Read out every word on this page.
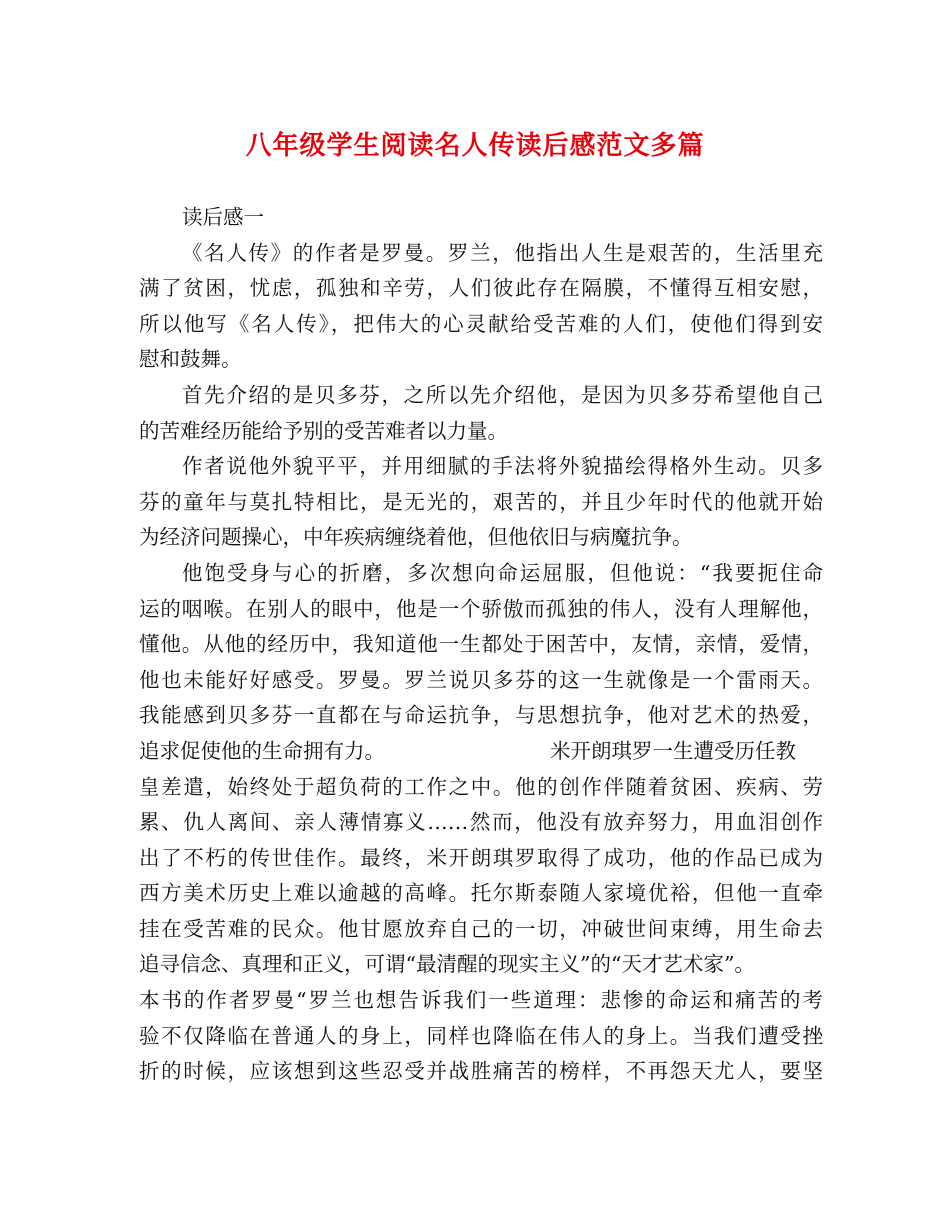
八年级学生阅读名人传读后感范文多篇
读后感一
《名人传》的作者是罗曼。罗兰，他指出人生是艰苦的，生活里充
满了贫困，忧虑，孤独和辛劳，人们彼此存在隔膜，不懂得互相安慰，
所以他写《名人传》，把伟大的心灵献给受苦难的人们，使他们得到安
慰和鼓舞。
首先介绍的是贝多芬，之所以先介绍他，是因为贝多芬希望他自己
的苦难经历能给予别的受苦难者以力量。
作者说他外貌平平，并用细腻的手法将外貌描绘得格外生动。贝多
芬的童年与莫扎特相比，是无光的，艰苦的，并且少年时代的他就开始
为经济问题操心，中年疾病缠绕着他，但他依旧与病魔抗争。
他饱受身与心的折磨，多次想向命运屈服，但他说：“我要扼住命
运的咽喉。在别人的眼中，他是一个骄傲而孤独的伟人，没有人理解他，
懂他。从他的经历中，我知道他一生都处于困苦中，友情，亲情，爱情，
他也未能好好感受。罗曼。罗兰说贝多芬的这一生就像是一个雷雨天。
我能感到贝多芬一直都在与命运抗争，与思想抗争，他对艺术的热爱，
追求促使他的生命拥有力。	米开朗琪罗一生遭受历任教
皇差遣，始终处于超负荷的工作之中。他的创作伴随着贫困、疾病、劳
累、仇人离间、亲人薄情寡义……然而，他没有放弃努力，用血泪创作
出了不朽的传世佳作。最终，米开朗琪罗取得了成功，他的作品已成为
西方美术历史上难以逾越的高峰。托尔斯泰随人家境优裕，但他一直牵
挂在受苦难的民众。他甘愿放弃自己的一切，冲破世间束缚，用生命去
追寻信念、真理和正义，可谓“最清醒的现实主义”的“天才艺术家”。
本书的作者罗曼“罗兰也想告诉我们一些道理：悲惨的命运和痛苦的考
验不仅降临在普通人的身上，同样也降临在伟人的身上。当我们遭受挫
折的时候，应该想到这些忍受并战胜痛苦的榜样，不再怨天尤人，要坚
